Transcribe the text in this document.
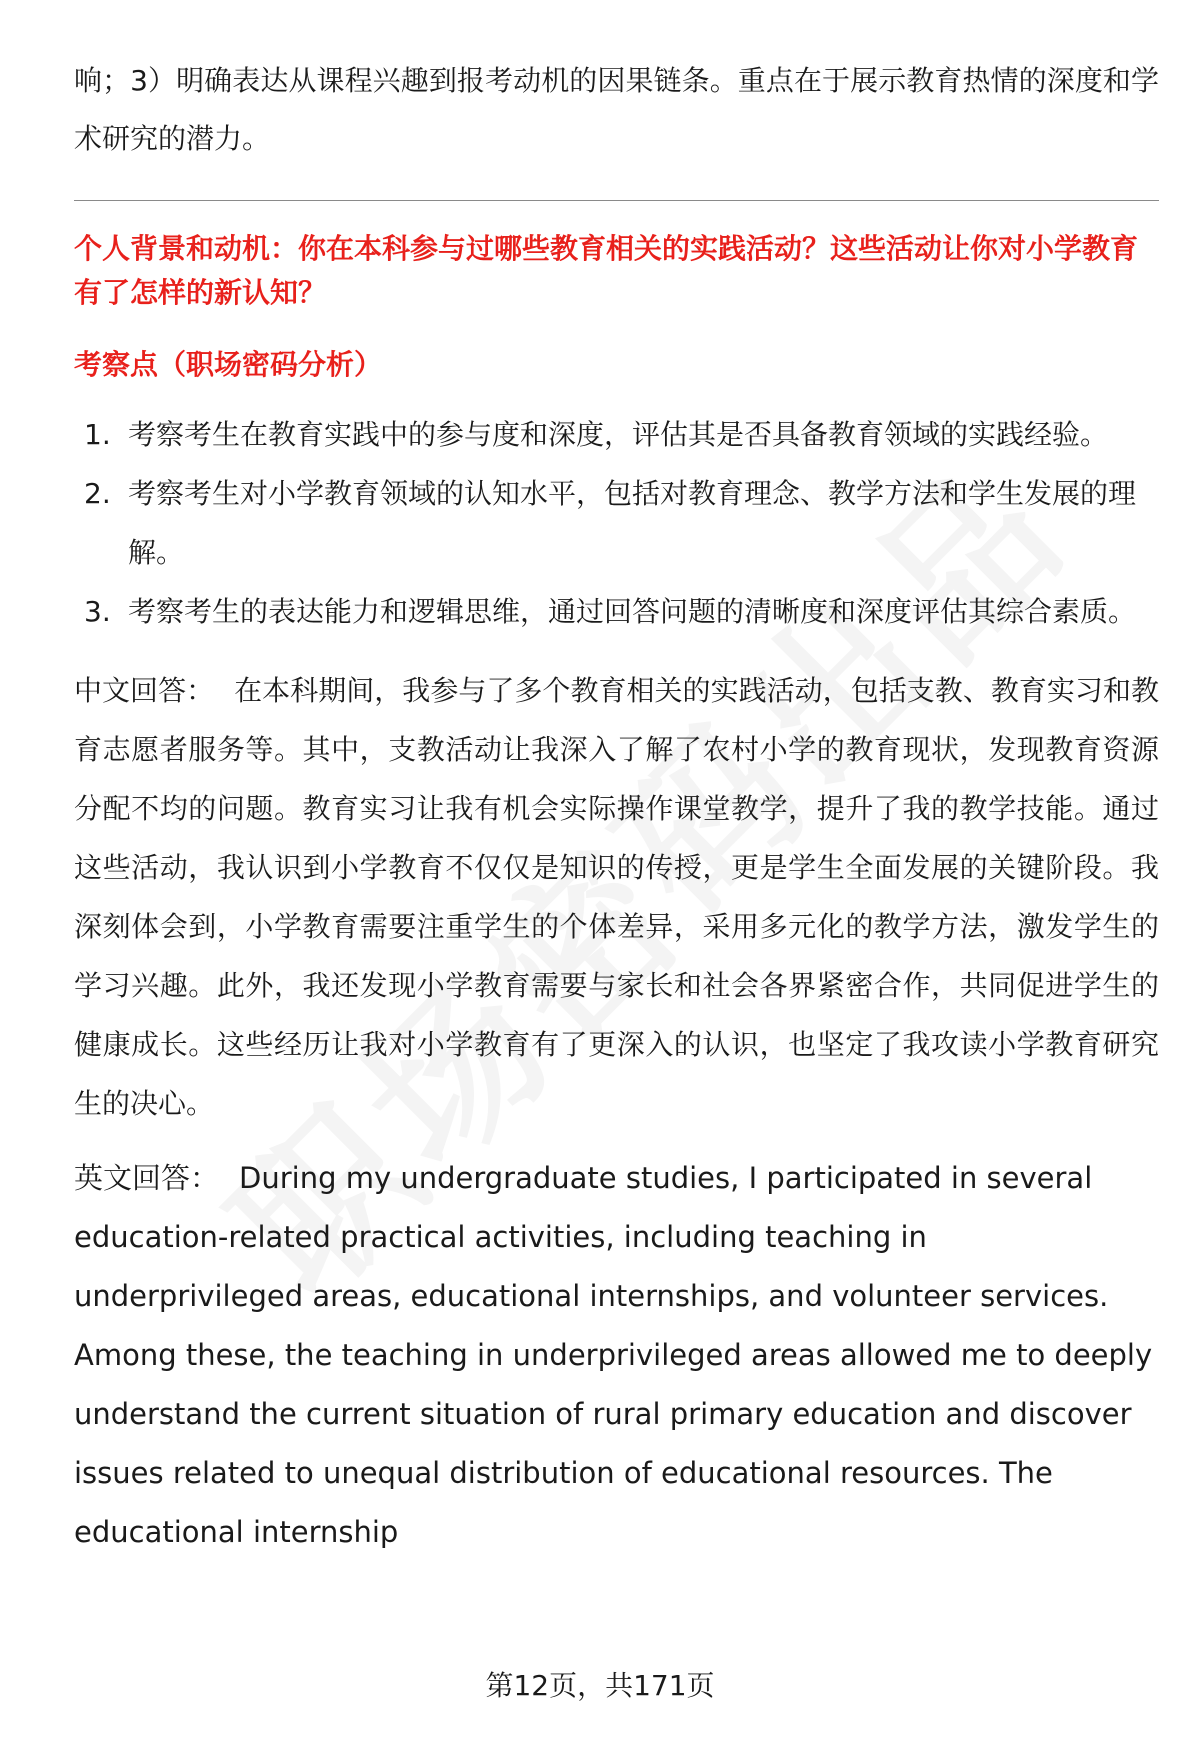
响；3）明确表达从课程兴趣到报考动机的因果链条。重点在于展示教育热情的深度和学术研究的潜力。

个人背景和动机：你在本科参与过哪些教育相关的实践活动？这些活动让你对小学教育有了怎样的新认知？

考察点（职场密码分析）

1. 考察考生在教育实践中的参与度和深度，评估其是否具备教育领域的实践经验。
2. 考察考生对小学教育领域的认知水平，包括对教育理念、教学方法和学生发展的理解。
3. 考察考生的表达能力和逻辑思维，通过回答问题的清晰度和深度评估其综合素质。

中文回答： 在本科期间，我参与了多个教育相关的实践活动，包括支教、教育实习和教育志愿者服务等。其中，支教活动让我深入了解了农村小学的教育现状，发现教育资源分配不均的问题。教育实习让我有机会实际操作课堂教学，提升了我的教学技能。通过这些活动，我认识到小学教育不仅仅是知识的传授，更是学生全面发展的关键阶段。我深刻体会到，小学教育需要注重学生的个体差异，采用多元化的教学方法，激发学生的学习兴趣。此外，我还发现小学教育需要与家长和社会各界紧密合作，共同促进学生的健康成长。这些经历让我对小学教育有了更深入的认识，也坚定了我攻读小学教育研究生的决心。

英文回答： During my undergraduate studies, I participated in several education-related practical activities, including teaching in underprivileged areas, educational internships, and volunteer services. Among these, the teaching in underprivileged areas allowed me to deeply understand the current situation of rural primary education and discover issues related to unequal distribution of educational resources. The educational internship

第12页，共171页
